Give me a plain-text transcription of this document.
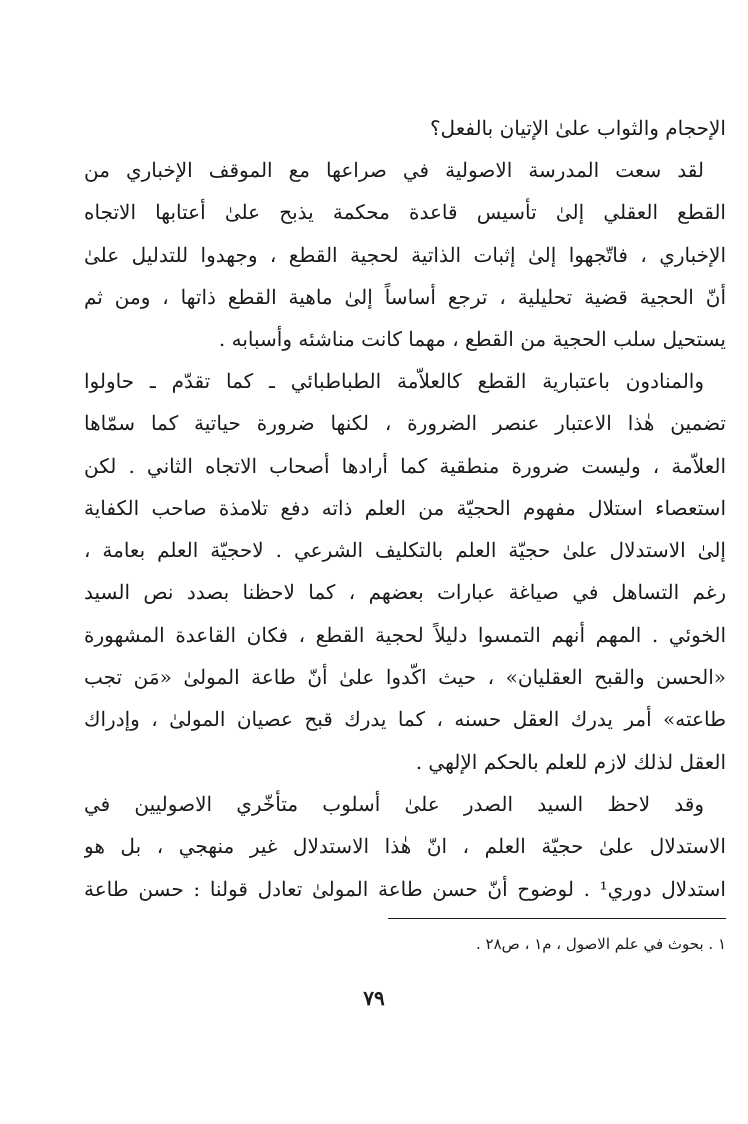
الإحجام والثواب علىٰ الإتيان بالفعل؟
لقد سعت المدرسة الاصولية في صراعها مع الموقف الإخباري من
القطع العقلي إلىٰ تأسيس قاعدة محكمة يذبح علىٰ أعتابها الاتجاه
الإخباري ، فاتّجهوا إلىٰ إثبات الذاتية لحجية القطع ، وجهدوا للتدليل علىٰ
أنّ الحجية قضية تحليلية ، ترجع أساساً إلىٰ ماهية القطع ذاتها ، ومن ثم
يستحيل سلب الحجية من القطع ، مهما كانت مناشئه وأسبابه .
والمنادون باعتبارية القطع كالعلاّمة الطباطبائي ـ كما تقدّم ـ حاولوا
تضمين هٰذا الاعتبار عنصر الضرورة ، لكنها ضرورة حياتية كما سمّاها
العلاّمة ، وليست ضرورة منطقية كما أرادها أصحاب الاتجاه الثاني . لكن
استعصاء استلال مفهوم الحجيّة من العلم ذاته دفع تلامذة صاحب الكفاية
إلىٰ الاستدلال علىٰ حجيّة العلم بالتكليف الشرعي . لاحجيّة العلم بعامة ،
رغم التساهل في صياغة عبارات بعضهم ، كما لاحظنا بصدد نص السيد
الخوئي . المهم أنهم التمسوا دليلاً لحجية القطع ، فكان القاعدة المشهورة
«الحسن والقبح العقليان» ، حيث اكّدوا علىٰ أنّ طاعة المولىٰ «مَن تجب
طاعته» أمر يدرك العقل حسنه ، كما يدرك قبح عصيان المولىٰ ، وإدراك
العقل لذلك لازم للعلم بالحكم الإلهي .
وقد لاحظ السيد الصدر علىٰ أسلوب متأخّري الاصوليين في
الاستدلال علىٰ حجيّة العلم ، انّ هٰذا الاستدلال غير منهجي ، بل هو
استدلال دوري¹ . لوضوح أنّ حسن طاعة المولىٰ تعادل قولنا : حسن طاعة
١ . بحوث في علم الاصول ، م١ ، ص٢٨ .
٧٩
